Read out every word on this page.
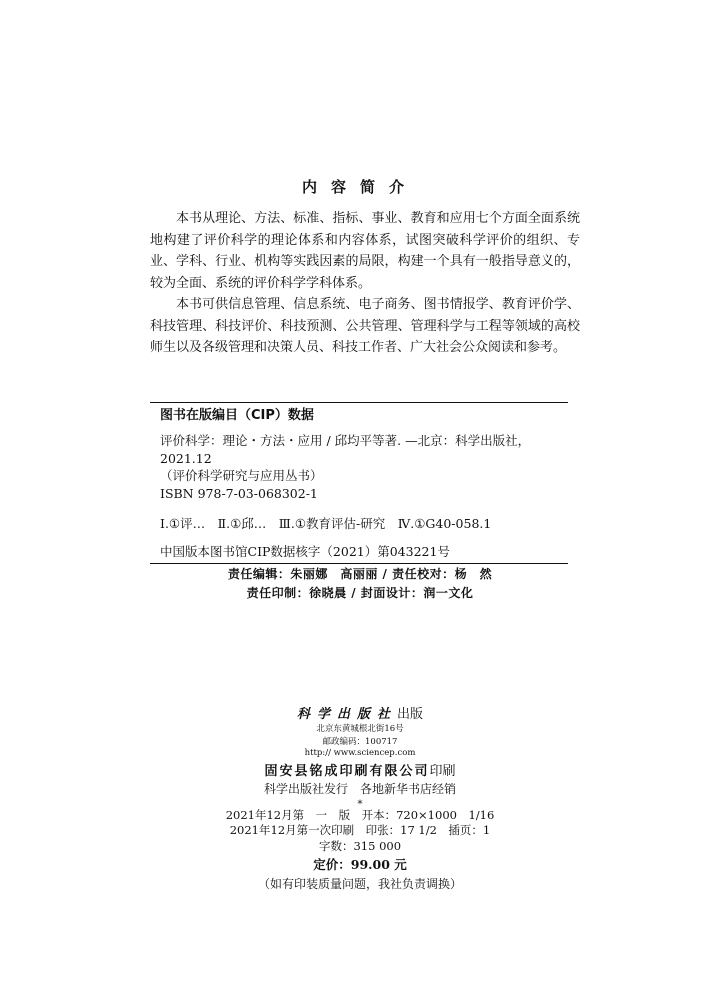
内容简介

本书从理论、方法、标准、指标、事业、教育和应用七个方面全面系统地构建了评价科学的理论体系和内容体系，试图突破科学评价的组织、专业、学科、行业、机构等实践因素的局限，构建一个具有一般指导意义的，较为全面、系统的评价科学学科体系。

本书可供信息管理、信息系统、电子商务、图书情报学、教育评价学、科技管理、科技评价、科技预测、公共管理、管理科学与工程等领域的高校师生以及各级管理和决策人员、科技工作者、广大社会公众阅读和参考。

图书在版编目（CIP）数据
评价科学：理论・方法・应用 / 邱均平等著. —北京：科学出版社，
2021.12
（评价科学研究与应用丛书）
ISBN 978-7-03-068302-1
Ⅰ.①评…　Ⅱ.①邱…　Ⅲ.①教育评估-研究　Ⅳ.①G40-058.1
中国版本图书馆CIP数据核字（2021）第043221号
责任编辑：朱丽娜　高丽丽 / 责任校对：杨　然
责任印制：徐晓晨 / 封面设计：润一文化
科学出版社出版
北京东黄城根北街16号
邮政编码：100717
http:// www.sciencep.com
固安县铭成印刷有限公司印刷
科学出版社发行　各地新华书店经销
*
2021年12月第　一　版　开本：720×1000　1/16
2021年12月第一次印刷　印张：17 1/2　插页：1
字数：315 000
定价：99.00 元
（如有印装质量问题，我社负责调换）
